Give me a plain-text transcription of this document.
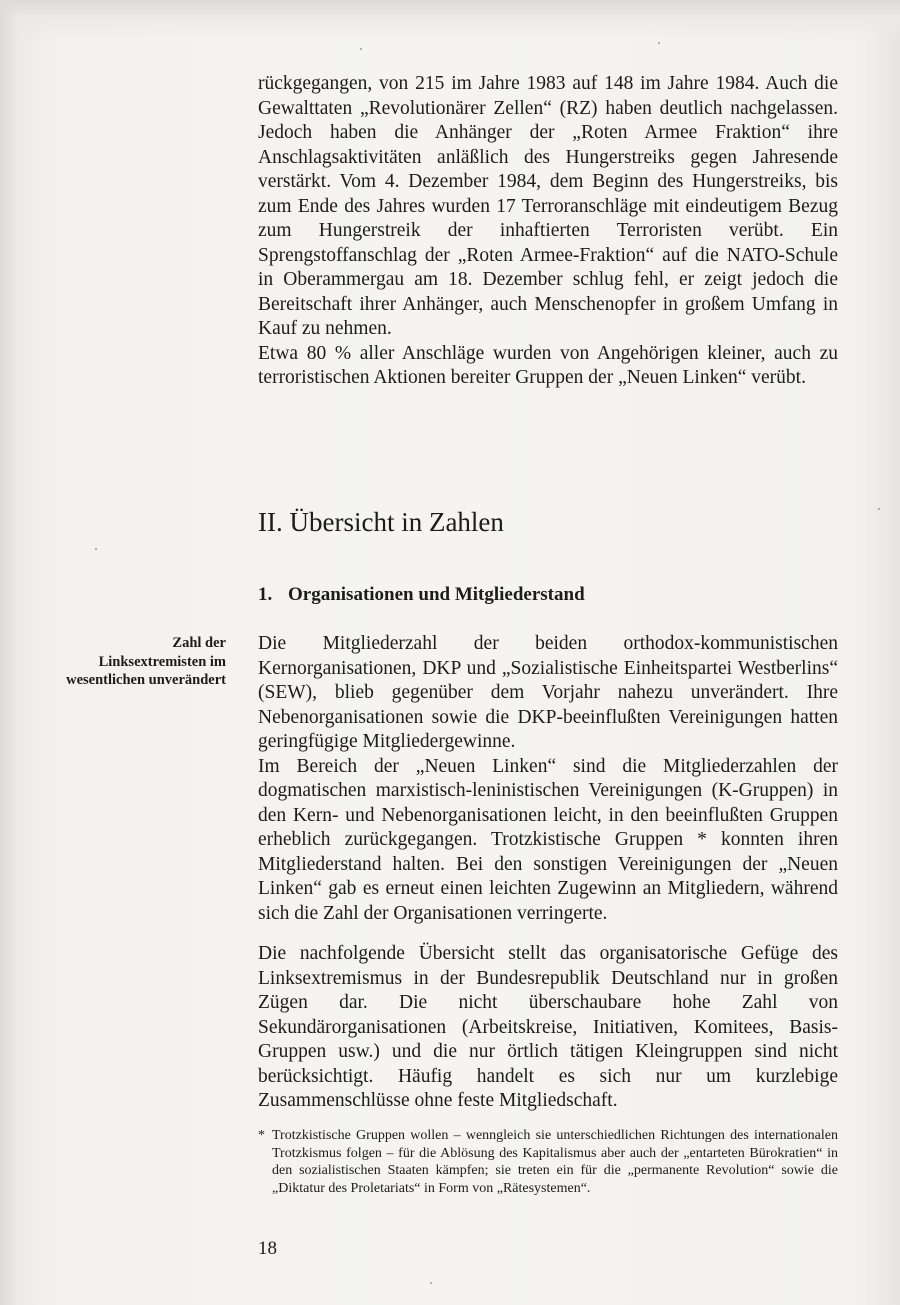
rückgegangen, von 215 im Jahre 1983 auf 148 im Jahre 1984. Auch die Gewalttaten „Revolutionärer Zellen“ (RZ) haben deutlich nachgelassen. Jedoch haben die Anhänger der „Roten Armee Fraktion“ ihre Anschlagsaktivitäten anläßlich des Hungerstreiks gegen Jahresende verstärkt. Vom 4. Dezember 1984, dem Beginn des Hungerstreiks, bis zum Ende des Jahres wurden 17 Terroranschläge mit eindeutigem Bezug zum Hungerstreik der inhaftierten Terroristen verübt. Ein Sprengstoffanschlag der „Roten Armee-Fraktion“ auf die NATO-Schule in Oberammergau am 18. Dezember schlug fehl, er zeigt jedoch die Bereitschaft ihrer Anhänger, auch Menschenopfer in großem Umfang in Kauf zu nehmen.

Etwa 80 % aller Anschläge wurden von Angehörigen kleiner, auch zu terroristischen Aktionen bereiter Gruppen der „Neuen Linken“ verübt.

II. Übersicht in Zahlen
1. Organisationen und Mitgliederstand

Zahl der Linksextremisten im wesentlichen unverändert

Die Mitgliederzahl der beiden orthodox-kommunistischen Kernorganisationen, DKP und „Sozialistische Einheitspartei Westberlins“ (SEW), blieb gegenüber dem Vorjahr nahezu unverändert. Ihre Nebenorganisationen sowie die DKP-beeinflußten Vereinigungen hatten geringfügige Mitgliedergewinne.

Im Bereich der „Neuen Linken“ sind die Mitgliederzahlen der dogmatischen marxistisch-leninistischen Vereinigungen (K-Gruppen) in den Kern- und Nebenorganisationen leicht, in den beeinflußten Gruppen erheblich zurückgegangen. Trotzkistische Gruppen * konnten ihren Mitgliederstand halten. Bei den sonstigen Vereinigungen der „Neuen Linken“ gab es erneut einen leichten Zugewinn an Mitgliedern, während sich die Zahl der Organisationen verringerte.

Die nachfolgende Übersicht stellt das organisatorische Gefüge des Linksextremismus in der Bundesrepublik Deutschland nur in großen Zügen dar. Die nicht überschaubare hohe Zahl von Sekundärorganisationen (Arbeitskreise, Initiativen, Komitees, Basis-Gruppen usw.) und die nur örtlich tätigen Kleingruppen sind nicht berücksichtigt. Häufig handelt es sich nur um kurzlebige Zusammenschlüsse ohne feste Mitgliedschaft.

* Trotzkistische Gruppen wollen – wenngleich sie unterschiedlichen Richtungen des internationalen Trotzkismus folgen – für die Ablösung des Kapitalismus aber auch der „entarteten Bürokratien“ in den sozialistischen Staaten kämpfen; sie treten ein für die „permanente Revolution“ sowie die „Diktatur des Proletariats“ in Form von „Rätesystemen“.

18
